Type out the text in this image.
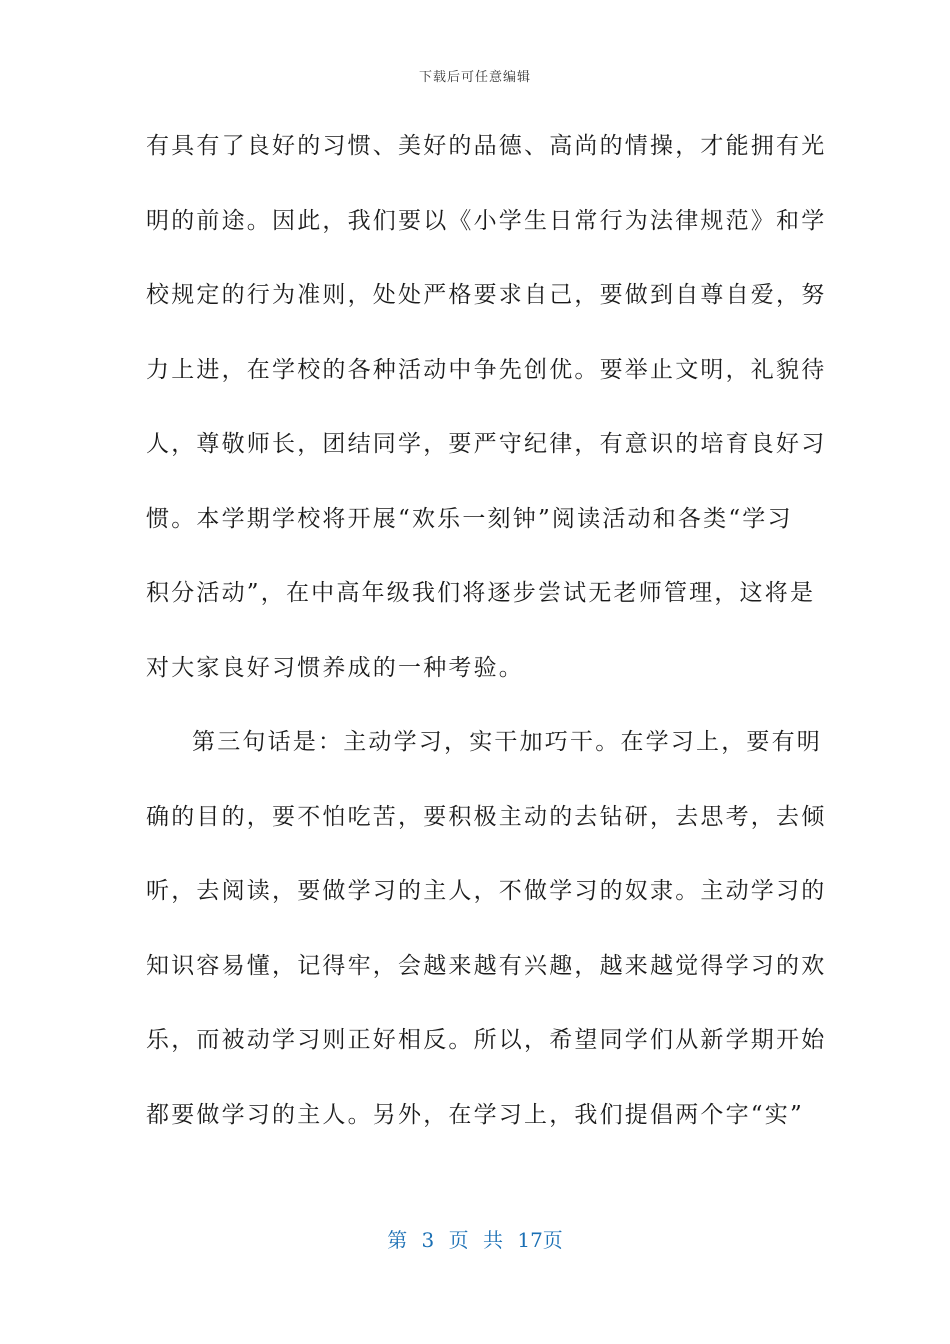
下载后可任意编辑
有具有了良好的习惯、美好的品德、高尚的情操，才能拥有光
明的前途。因此，我们要以《小学生日常行为法律规范》和学
校规定的行为准则，处处严格要求自己，要做到自尊自爱，努
力上进，在学校的各种活动中争先创优。要举止文明，礼貌待
人，尊敬师长，团结同学，要严守纪律，有意识的培育良好习
惯。本学期学校将开展“欢乐一刻钟”阅读活动和各类“学习
积分活动”，在中高年级我们将逐步尝试无老师管理，这将是
对大家良好习惯养成的一种考验。
第三句话是：主动学习，实干加巧干。在学习上，要有明
确的目的，要不怕吃苦，要积极主动的去钻研，去思考，去倾
听，去阅读，要做学习的主人，不做学习的奴隶。主动学习的
知识容易懂，记得牢，会越来越有兴趣，越来越觉得学习的欢
乐，而被动学习则正好相反。所以，希望同学们从新学期开始
都要做学习的主人。另外，在学习上，我们提倡两个字“实”
第 3 页 共 17页
